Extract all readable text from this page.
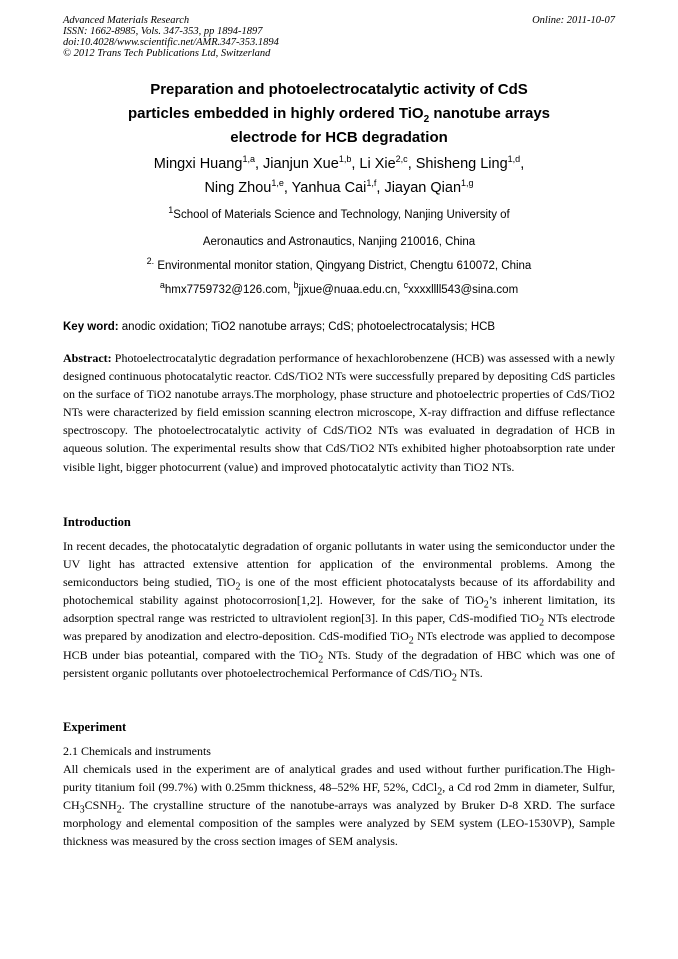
Advanced Materials Research
ISSN: 1662-8985, Vols. 347-353, pp 1894-1897
doi:10.4028/www.scientific.net/AMR.347-353.1894
© 2012 Trans Tech Publications Ltd, Switzerland
Online: 2011-10-07
Preparation and photoelectrocatalytic activity of CdS
particles embedded in highly ordered TiO$_2$ nanotube arrays
electrode for HCB degradation
Mingxi Huang$^{1,a}$, Jianjun Xue$^{1,b}$, Li Xie$^{2,c}$, Shisheng Ling$^{1,d}$,
Ning Zhou$^{1,e}$, Yanhua Cai$^{1,f}$, Jiayan Qian$^{1,g}$
$^1$School of Materials Science and Technology, Nanjing University of
Aeronautics and Astronautics, Nanjing 210016, China
$^{2.}$ Environmental monitor station, Qingyang District, Chengtu 610072, China
$^a$hmx7759732@126.com, $^b$jjxue@nuaa.edu.cn, $^c$xxxxllll543@sina.com
Key word: anodic oxidation; TiO2 nanotube arrays; CdS; photoelectrocatalysis; HCB
Abstract: Photoelectrocatalytic degradation performance of hexachlorobenzene (HCB) was assessed with a newly designed continuous photocatalytic reactor. CdS/TiO2 NTs were successfully prepared by depositing CdS particles on the surface of TiO2 nanotube arrays.The morphology, phase structure and photoelectric properties of CdS/TiO2 NTs were characterized by field emission scanning electron microscope, X-ray diffraction and diffuse reflectance spectroscopy. The photoelectrocatalytic activity of CdS/TiO2 NTs was evaluated in degradation of HCB in aqueous solution. The experimental results show that CdS/TiO2 NTs exhibited higher photoabsorption rate under visible light, bigger photocurrent (value) and improved photocatalytic activity than TiO2 NTs.
Introduction
In recent decades, the photocatalytic degradation of organic pollutants in water using the semiconductor under the UV light has attracted extensive attention for application of the environmental problems. Among the semiconductors being studied, TiO$_2$ is one of the most efficient photocatalysts because of its affordability and photochemical stability against photocorrosion[1,2]. However, for the sake of TiO$_2$’s inherent limitation, its adsorption spectral range was restricted to ultraviolent region[3]. In this paper, CdS-modified TiO$_2$ NTs electrode was prepared by anodization and electro-deposition. CdS-modified TiO$_2$ NTs electrode was applied to decompose HCB under bias poteantial, compared with the TiO$_2$ NTs. Study of the degradation of HBC which was one of persistent organic pollutants over photoelectrochemical Performance of CdS/TiO$_2$ NTs.
Experiment
2.1 Chemicals and instruments
All chemicals used in the experiment are of analytical grades and used without further purification.The High-purity titanium foil (99.7%) with 0.25mm thickness, 48–52% HF, 52%, CdCl$_2$, a Cd rod 2mm in diameter, Sulfur, $CH_3CSNH_2$. The crystalline structure of the nanotube-arrays was analyzed by Bruker D-8 XRD. The surface morphology and elemental composition of the samples were analyzed by SEM system (LEO-1530VP), Sample thickness was measured by the cross section images of SEM analysis.
